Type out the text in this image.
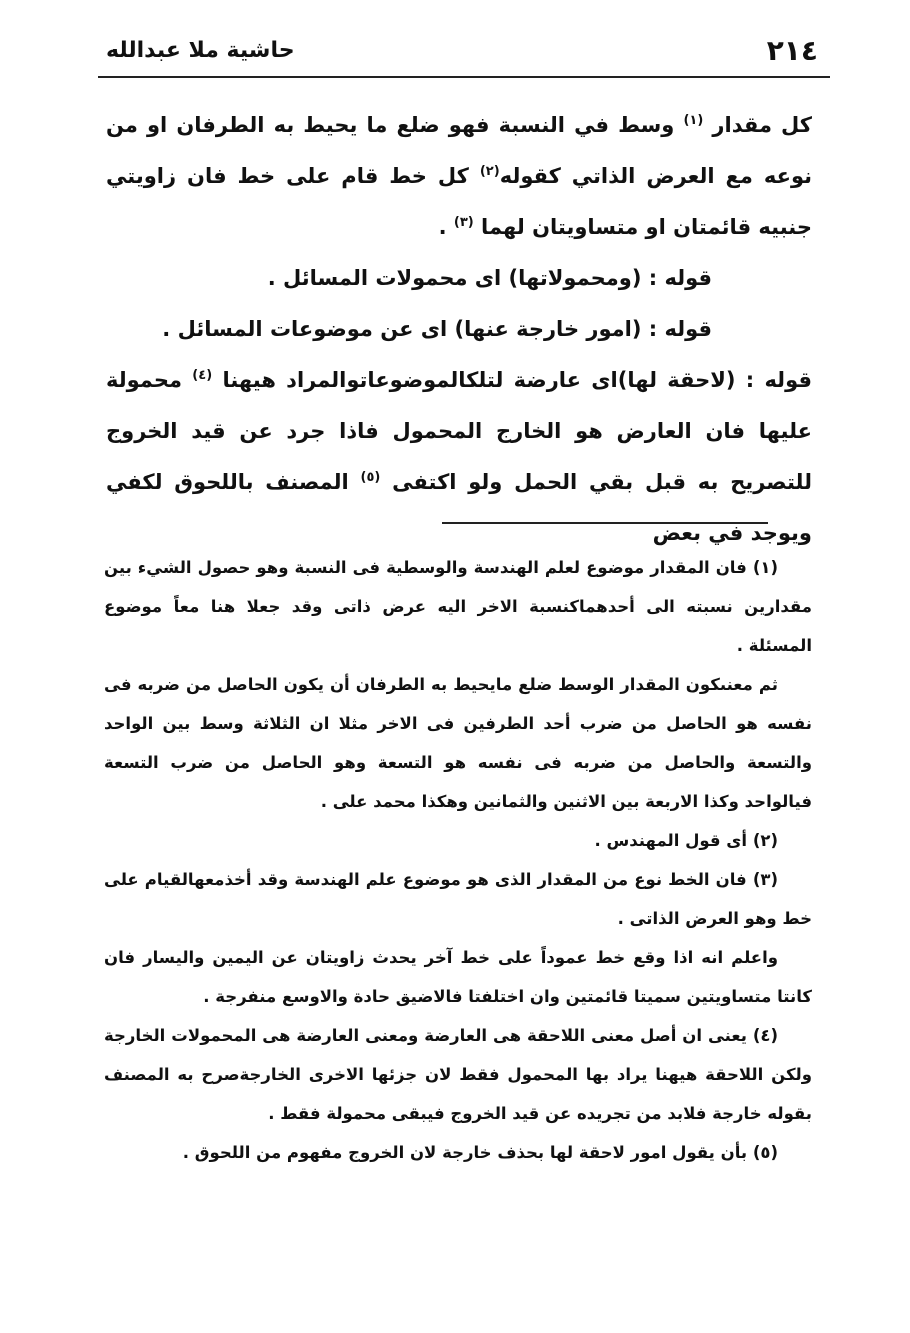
٢١٤
حاشية ملا عبدالله

كل مقدار $^{(١)}$ وسط في النسبة فهو ضلع ما يحيط به الطرفان او من نوعه مع العرض الذاتي كقوله$^{(٢)}$ كل خط قام على خط فان زاويتي جنبيه قائمتان او متساويتان لهما $^{(٣)}$ .

قوله : (ومحمولاتها) اى محمولات المسائل .

قوله : (امور خارجة عنها) اى عن موضوعات المسائل .

قوله : (لاحقة لها)اى عارضة لتلكالموضوعاتوالمراد هيهنا $^{(٤)}$ محمولة عليها فان العارض هو الخارج المحمول فاذا جرد عن قيد الخروج للتصريح به قبل بقي الحمل ولو اكتفى $^{(٥)}$ المصنف باللحوق لكفي ويوجد في بعض

(١) فان المقدار موضوع لعلم الهندسة والوسطية فى النسبة وهو حصول الشيء بين مقدارين نسبته الى أحدهماكنسبة الاخر اليه عرض ذاتى وقد جعلا هنا معاً موضوع المسئلة .

ثم معنىكون المقدار الوسط ضلع مايحيط به الطرفان أن يكون الحاصل من ضربه فى نفسه هو الحاصل من ضرب أحد الطرفين فى الاخر مثلا ان الثلاثة وسط بين الواحد والتسعة والحاصل من ضربه فى نفسه هو التسعة وهو الحاصل من ضرب التسعة فيالواحد وكذا الاربعة بين الاثنين والثمانين وهكذا محمد على .

(٢) أى قول المهندس .

(٣) فان الخط نوع من المقدار الذى هو موضوع علم الهندسة وقد أخذمعهالقيام على خط وهو العرض الذاتى .

واعلم انه اذا وقع خط عموداً على خط آخر يحدث زاويتان عن اليمين واليسار فان كانتا متساويتين سميتا قائمتين وان اختلفتا فالاضيق حادة والاوسع منفرجة .

(٤) يعنى ان أصل معنى اللاحقة هى العارضة ومعنى العارضة هى المحمولات الخارجة ولكن اللاحقة هيهنا يراد بها المحمول فقط لان جزئها الاخرى الخارجةصرح به المصنف بقوله خارجة فلابد من تجريده عن قيد الخروج فيبقى محمولة فقط .

(٥) بأن يقول امور لاحقة لها بحذف خارجة لان الخروج مفهوم من اللحوق .
